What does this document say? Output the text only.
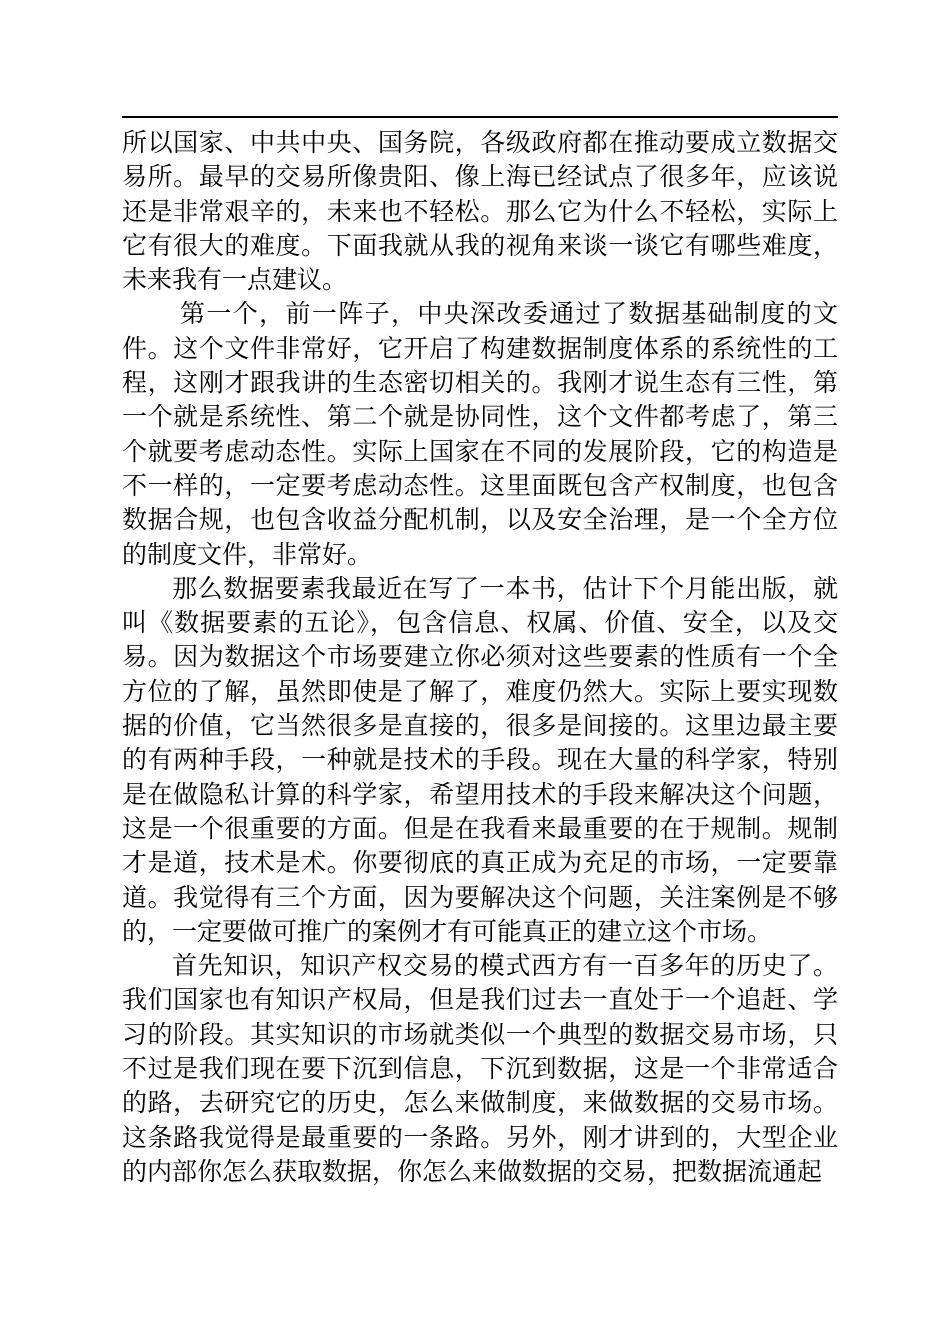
所以国家、中共中央、国务院，各级政府都在推动要成立数据交易所。最早的交易所像贵阳、像上海已经试点了很多年，应该说还是非常艰辛的，未来也不轻松。那么它为什么不轻松，实际上它有很大的难度。下面我就从我的视角来谈一谈它有哪些难度，未来我有一点建议。

第一个，前一阵子，中央深改委通过了数据基础制度的文件。这个文件非常好，它开启了构建数据制度体系的系统性的工程，这刚才跟我讲的生态密切相关的。我刚才说生态有三性，第一个就是系统性、第二个就是协同性，这个文件都考虑了，第三个就要考虑动态性。实际上国家在不同的发展阶段，它的构造是不一样的，一定要考虑动态性。这里面既包含产权制度，也包含数据合规，也包含收益分配机制，以及安全治理，是一个全方位的制度文件，非常好。

那么数据要素我最近在写了一本书，估计下个月能出版，就叫《数据要素的五论》，包含信息、权属、价值、安全，以及交易。因为数据这个市场要建立你必须对这些要素的性质有一个全方位的了解，虽然即使是了解了，难度仍然大。实际上要实现数据的价值，它当然很多是直接的，很多是间接的。这里边最主要的有两种手段，一种就是技术的手段。现在大量的科学家，特别是在做隐私计算的科学家，希望用技术的手段来解决这个问题，这是一个很重要的方面。但是在我看来最重要的在于规制。规制才是道，技术是术。你要彻底的真正成为充足的市场，一定要靠道。我觉得有三个方面，因为要解决这个问题，关注案例是不够的，一定要做可推广的案例才有可能真正的建立这个市场。

首先知识，知识产权交易的模式西方有一百多年的历史了。我们国家也有知识产权局，但是我们过去一直处于一个追赶、学习的阶段。其实知识的市场就类似一个典型的数据交易市场，只不过是我们现在要下沉到信息，下沉到数据，这是一个非常适合的路，去研究它的历史，怎么来做制度，来做数据的交易市场。这条路我觉得是最重要的一条路。另外，刚才讲到的，大型企业的内部你怎么获取数据，你怎么来做数据的交易，把数据流通起
